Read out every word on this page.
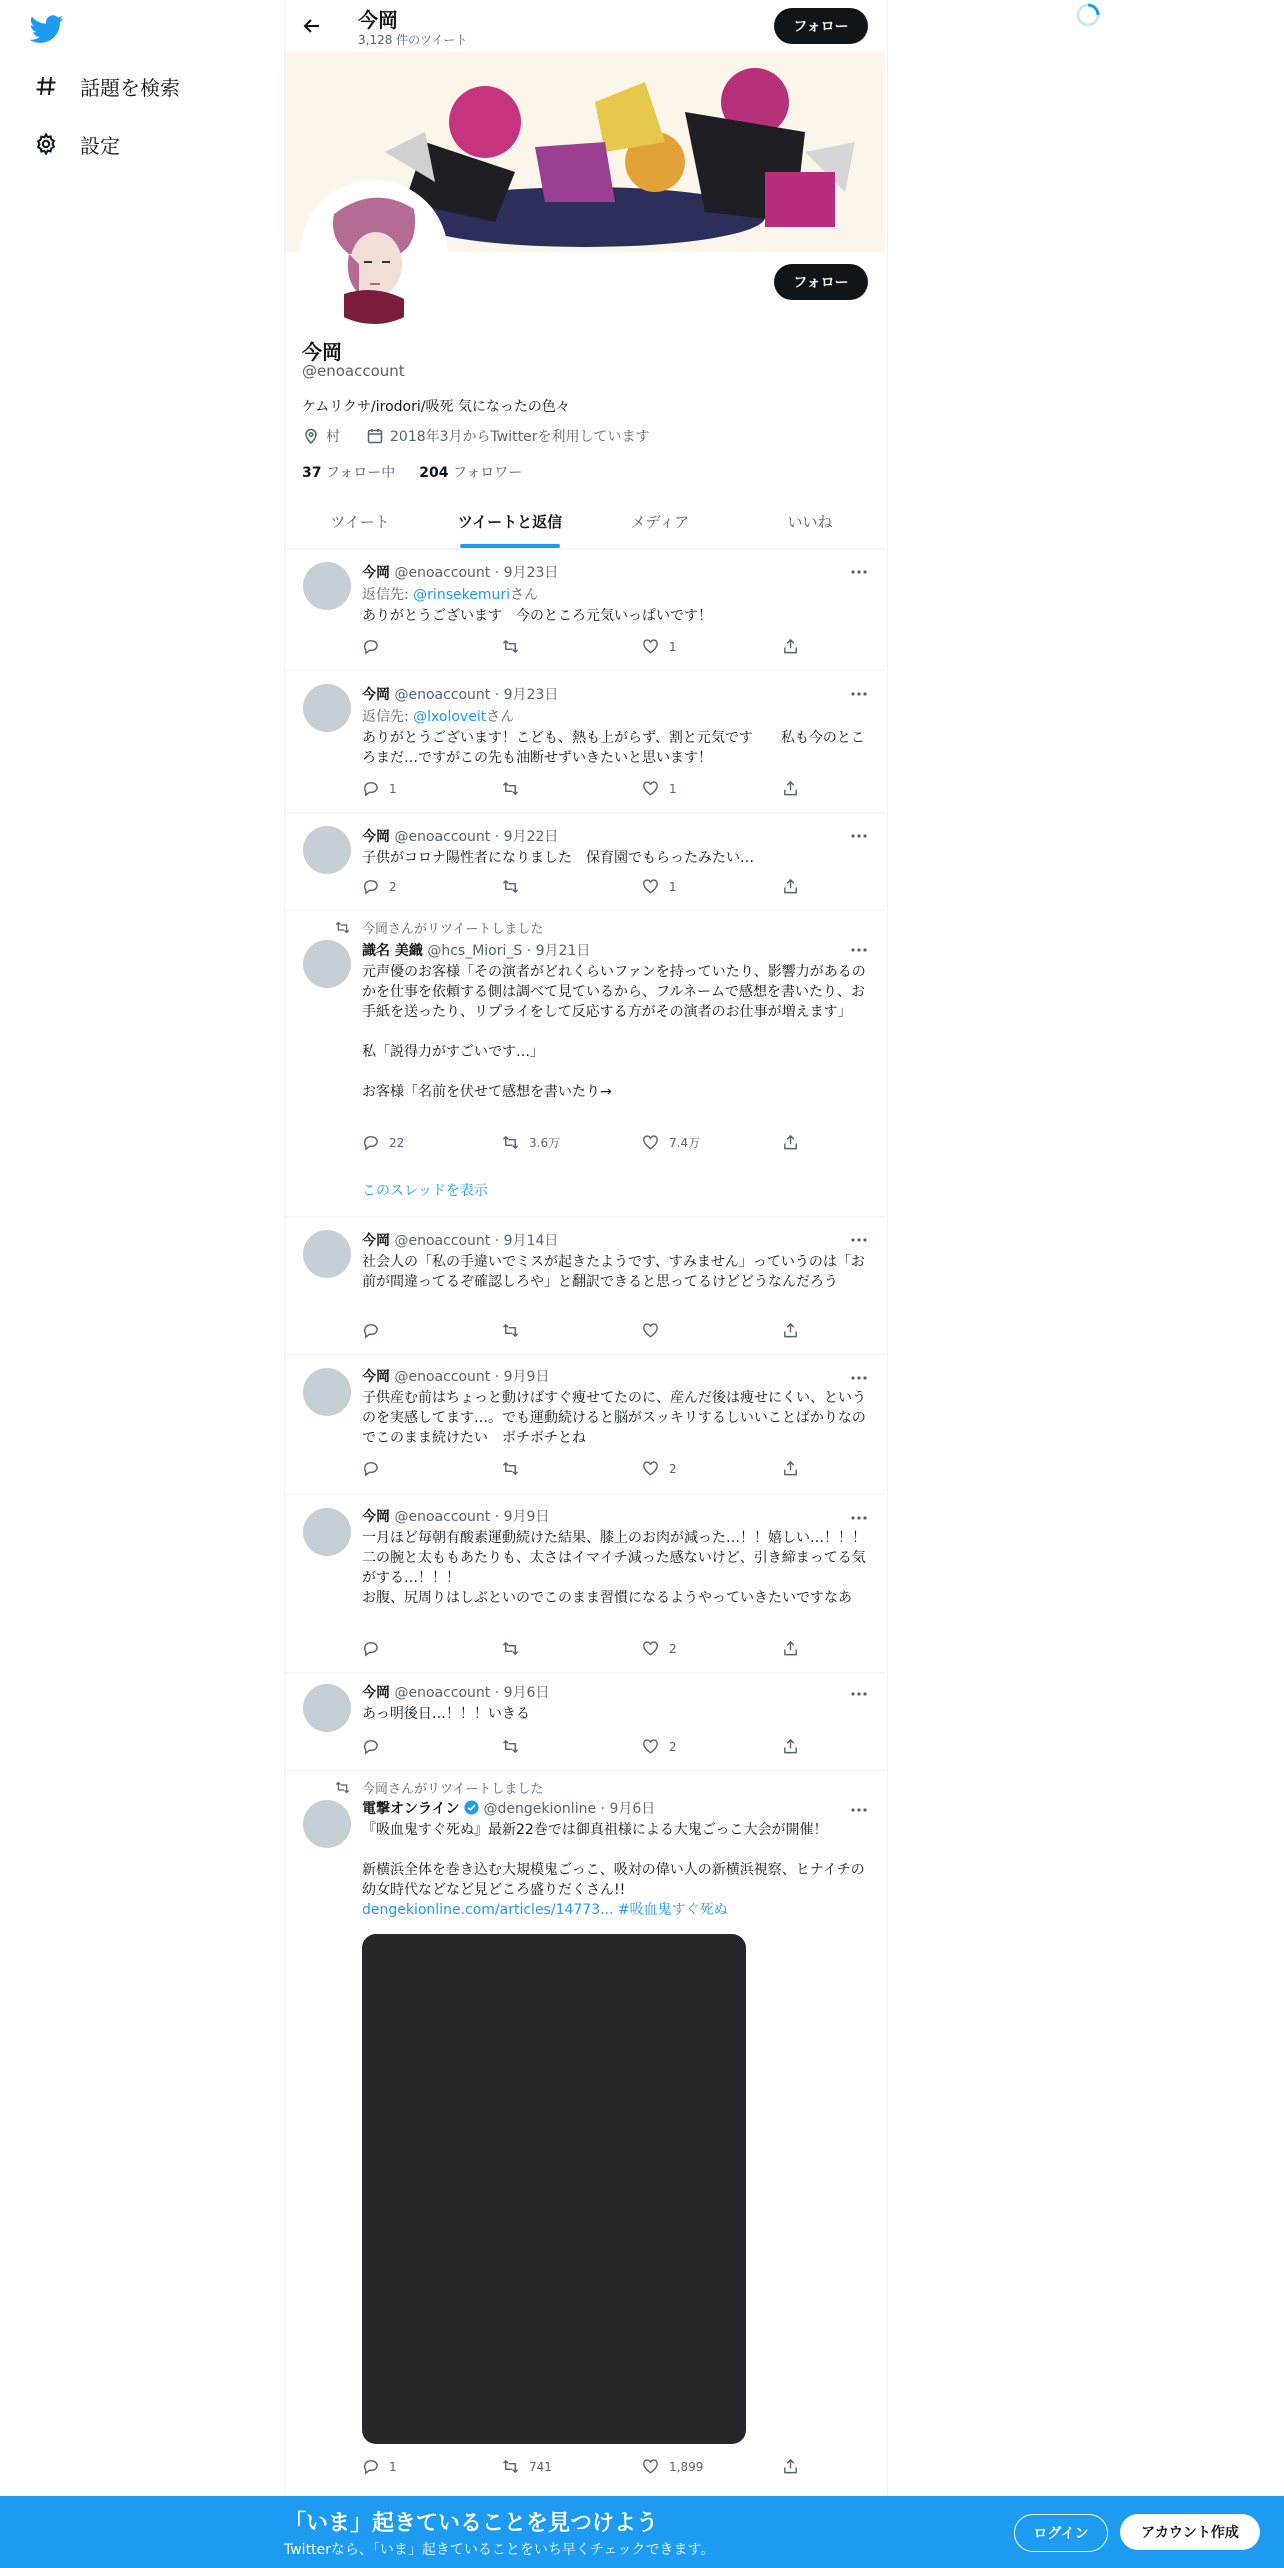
話題を検索
設定
今岡
3,128 件のツイート
フォロー
フォロー
今岡
@enoaccount
ケムリクサ/irodori/吸死 気になったの色々
村	2018年3月からTwitterを利用しています
37 フォロー中 204 フォロワー
ツイート	ツイートと返信	メディア	いいね
今岡 @enoaccount · 9月23日
返信先: @rinsekemuriさん
ありがとうございます　今のところ元気いっぱいです！
1
今岡 @enoaccount · 9月23日
返信先: @lxoloveitさん
ありがとうございます！こども、熱も上がらず、割と元気です　　私も今のところまだ…ですがこの先も油断せずいきたいと思います！
1	1
今岡 @enoaccount · 9月22日
子供がコロナ陽性者になりました　保育園でもらったみたい…
2	1
今岡さんがリツイートしました
識名 美織 @hcs_Miori_S · 9月21日
元声優のお客様「その演者がどれくらいファンを持っていたり、影響力があるのかを仕事を依頼する側は調べて見ているから、フルネームで感想を書いたり、お手紙を送ったり、リプライをして反応する方がその演者のお仕事が増えます」

私「説得力がすごいです…」

お客様「名前を伏せて感想を書いたり→
22	3.6万	7.4万
このスレッドを表示
今岡 @enoaccount · 9月14日
社会人の「私の手違いでミスが起きたようです、すみません」っていうのは「お前が間違ってるぞ確認しろや」と翻訳できると思ってるけどどうなんだろう
今岡 @enoaccount · 9月9日
子供産む前はちょっと動けばすぐ痩せてたのに、産んだ後は痩せにくい、というのを実感してます…。でも運動続けると脳がスッキリするしいいことばかりなのでこのまま続けたい　ボチボチとね
2
今岡 @enoaccount · 9月9日
一月ほど毎朝有酸素運動続けた結果、膝上のお肉が減った…！！嬉しい…！！！二の腕と太ももあたりも、太さはイマイチ減った感ないけど、引き締まってる気がする…！！！
お腹、尻周りはしぶといのでこのまま習慣になるようやっていきたいですなあ
2
今岡 @enoaccount · 9月6日
あっ明後日…！！！いきる
2
今岡さんがリツイートしました
電撃オンライン @dengekionline · 9月6日
『吸血鬼すぐ死ぬ』最新22巻では御真祖様による大鬼ごっこ大会が開催！

新横浜全体を巻き込む大規模鬼ごっこ、吸対の偉い人の新横浜視察、ヒナイチの幼女時代などなど見どころ盛りだくさん!!
dengekionline.com/articles/14773... #吸血鬼すぐ死ぬ
1	741	1,899
「いま」起きていることを見つけよう
Twitterなら、「いま」起きていることをいち早くチェックできます。
ログイン	アカウント作成
